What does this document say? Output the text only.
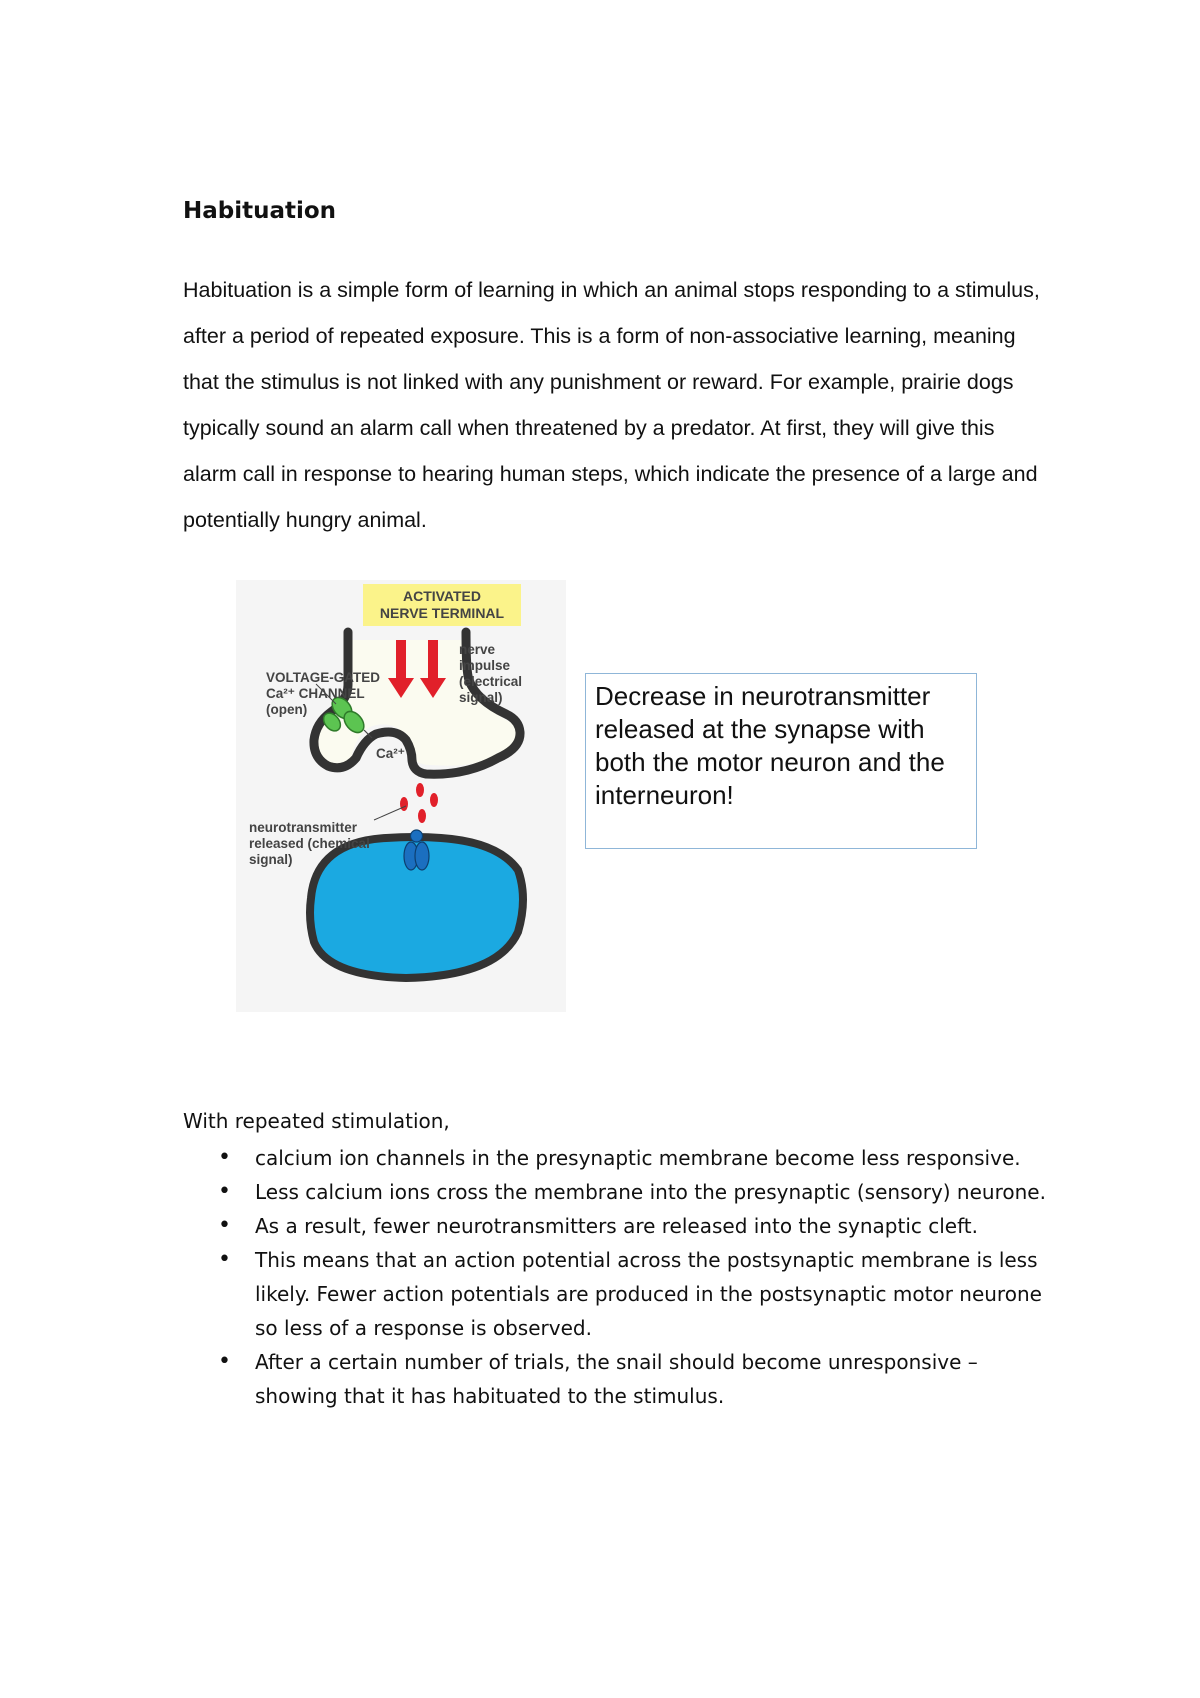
Habituation

Habituation is a simple form of learning in which an animal stops responding to a stimulus, after a period of repeated exposure. This is a form of non-associative learning, meaning that the stimulus is not linked with any punishment or reward. For example, prairie dogs typically sound an alarm call when threatened by a predator. At first, they will give this alarm call in response to hearing human steps, which indicate the presence of a large and potentially hungry animal.

ACTIVATED
NERVE TERMINAL

nerve
impulse
(electrical
signal)

VOLTAGE-GATED
Ca²⁺ CHANNEL
(open)

Ca²⁺

neurotransmitter
released (chemical
signal)

Decrease in neurotransmitter released at the synapse with both the motor neuron and the interneuron!

With repeated stimulation,

• calcium ion channels in the presynaptic membrane become less responsive.
• Less calcium ions cross the membrane into the presynaptic (sensory) neurone.
• As a result, fewer neurotransmitters are released into the synaptic cleft.
• This means that an action potential across the postsynaptic membrane is less likely. Fewer action potentials are produced in the postsynaptic motor neurone so less of a response is observed.
• After a certain number of trials, the snail should become unresponsive – showing that it has habituated to the stimulus.
